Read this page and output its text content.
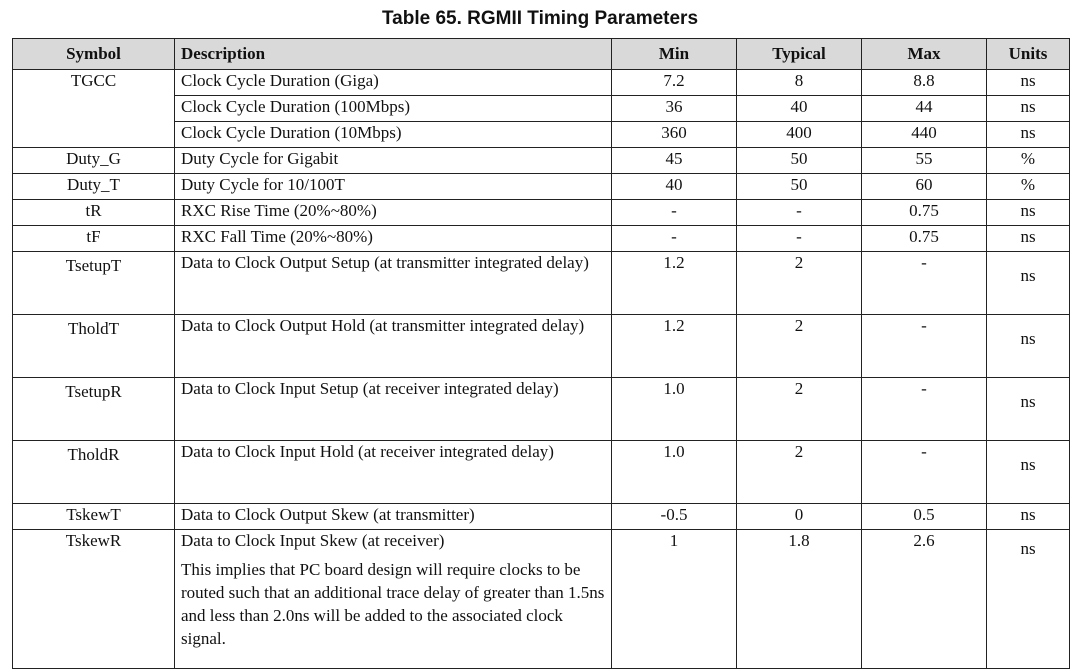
Table 65. RGMII Timing Parameters
Symbol	Description	Min	Typical	Max	Units
TGCC	Clock Cycle Duration (Giga)	7.2	8	8.8	ns
	Clock Cycle Duration (100Mbps)	36	40	44	ns
	Clock Cycle Duration (10Mbps)	360	400	440	ns
Duty_G	Duty Cycle for Gigabit	45	50	55	%
Duty_T	Duty Cycle for 10/100T	40	50	60	%
tR	RXC Rise Time (20%~80%)	-	-	0.75	ns
tF	RXC Fall Time (20%~80%)	-	-	0.75	ns
TsetupT	Data to Clock Output Setup (at transmitter integrated delay)	1.2	2	-	ns
TholdT	Data to Clock Output Hold (at transmitter integrated delay)	1.2	2	-	ns
TsetupR	Data to Clock Input Setup (at receiver integrated delay)	1.0	2	-	ns
TholdR	Data to Clock Input Hold (at receiver integrated delay)	1.0	2	-	ns
TskewT	Data to Clock Output Skew (at transmitter)	-0.5	0	0.5	ns
TskewR	Data to Clock Input Skew (at receiver)
This implies that PC board design will require clocks to be routed such that an additional trace delay of greater than 1.5ns and less than 2.0ns will be added to the associated clock signal.	1	1.8	2.6	ns
